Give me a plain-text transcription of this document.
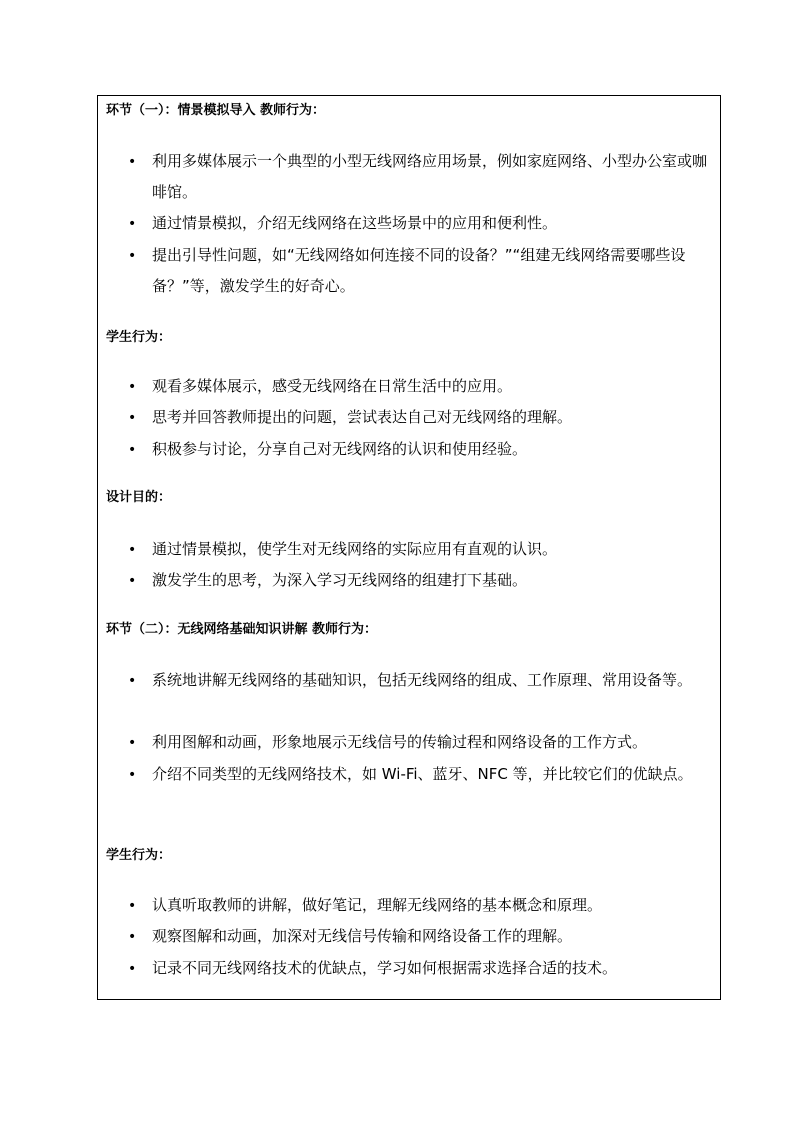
环节（一）：情景模拟导入 教师行为：
• 利用多媒体展示一个典型的小型无线网络应用场景，例如家庭网络、小型办公室或咖啡馆。

• 通过情景模拟，介绍无线网络在这些场景中的应用和便利性。

• 提出引导性问题，如“无线网络如何连接不同的设备？”“组建无线网络需要哪些设备？”等，激发学生的好奇心。

学生行为：
• 观看多媒体展示，感受无线网络在日常生活中的应用。

• 思考并回答教师提出的问题，尝试表达自己对无线网络的理解。

• 积极参与讨论，分享自己对无线网络的认识和使用经验。

设计目的：
• 通过情景模拟，使学生对无线网络的实际应用有直观的认识。

• 激发学生的思考，为深入学习无线网络的组建打下基础。

环节（二）：无线网络基础知识讲解 教师行为：
• 系统地讲解无线网络的基础知识，包括无线网络的组成、工作原理、常用设备等。

• 利用图解和动画，形象地展示无线信号的传输过程和网络设备的工作方式。

• 介绍不同类型的无线网络技术，如 Wi-Fi、蓝牙、NFC 等，并比较它们的优缺点。

学生行为：
• 认真听取教师的讲解，做好笔记，理解无线网络的基本概念和原理。

• 观察图解和动画，加深对无线信号传输和网络设备工作的理解。

• 记录不同无线网络技术的优缺点，学习如何根据需求选择合适的技术。
